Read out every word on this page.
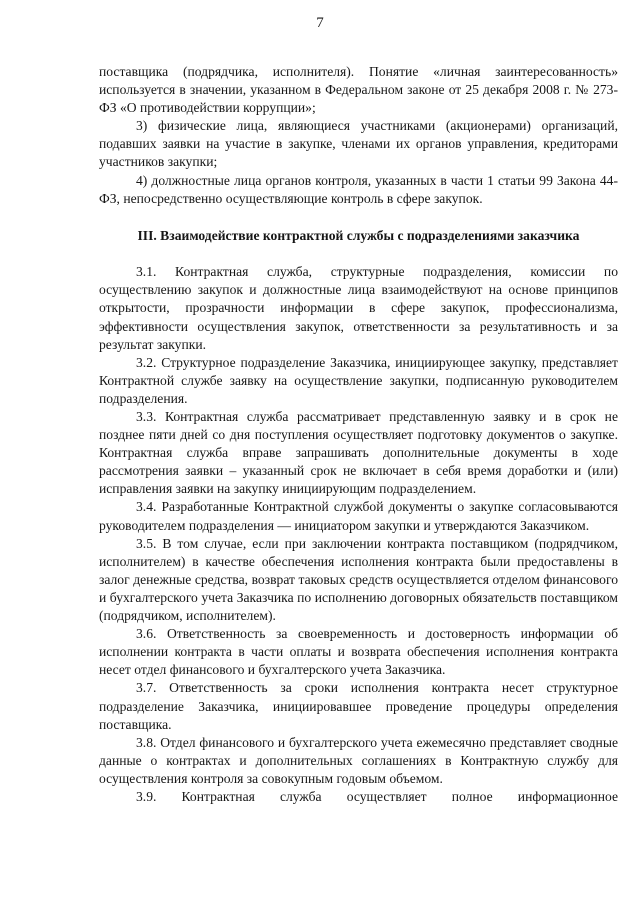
7

поставщика (подрядчика, исполнителя). Понятие «личная заинтересованность» используется в значении, указанном в Федеральном законе от 25 декабря 2008 г. № 273-ФЗ «О противодействии коррупции»;

3) физические лица, являющиеся участниками (акционерами) организаций, подавших заявки на участие в закупке, членами их органов управления, кредиторами участников закупки;

4) должностные лица органов контроля, указанных в части 1 статьи 99 Закона 44-ФЗ, непосредственно осуществляющие контроль в сфере закупок.

III. Взаимодействие контрактной службы с подразделениями заказчика

3.1. Контрактная служба, структурные подразделения, комиссии по осуществлению закупок и должностные лица взаимодействуют на основе принципов открытости, прозрачности информации в сфере закупок, профессионализма, эффективности осуществления закупок, ответственности за результативность и за результат закупки.

3.2. Структурное подразделение Заказчика, инициирующее закупку, представляет Контрактной службе заявку на осуществление закупки, подписанную руководителем подразделения.

3.3. Контрактная служба рассматривает представленную заявку и в срок не позднее пяти дней со дня поступления осуществляет подготовку документов о закупке. Контрактная служба вправе запрашивать дополнительные документы в ходе рассмотрения заявки – указанный срок не включает в себя время доработки и (или) исправления заявки на закупку инициирующим подразделением.

3.4. Разработанные Контрактной службой документы о закупке согласовываются руководителем подразделения — инициатором закупки и утверждаются Заказчиком.

3.5. В том случае, если при заключении контракта поставщиком (подрядчиком, исполнителем) в качестве обеспечения исполнения контракта были предоставлены в залог денежные средства, возврат таковых средств осуществляется отделом финансового и бухгалтерского учета Заказчика по исполнению договорных обязательств поставщиком (подрядчиком, исполнителем).

3.6. Ответственность за своевременность и достоверность информации об исполнении контракта в части оплаты и возврата обеспечения исполнения контракта несет отдел финансового и бухгалтерского учета Заказчика.

3.7. Ответственность за сроки исполнения контракта несет структурное подразделение Заказчика, инициировавшее проведение процедуры определения поставщика.

3.8. Отдел финансового и бухгалтерского учета ежемесячно представляет сводные данные о контрактах и дополнительных соглашениях в Контрактную службу для осуществления контроля за совокупным годовым объемом.

3.9. Контрактная служба осуществляет полное информационное
